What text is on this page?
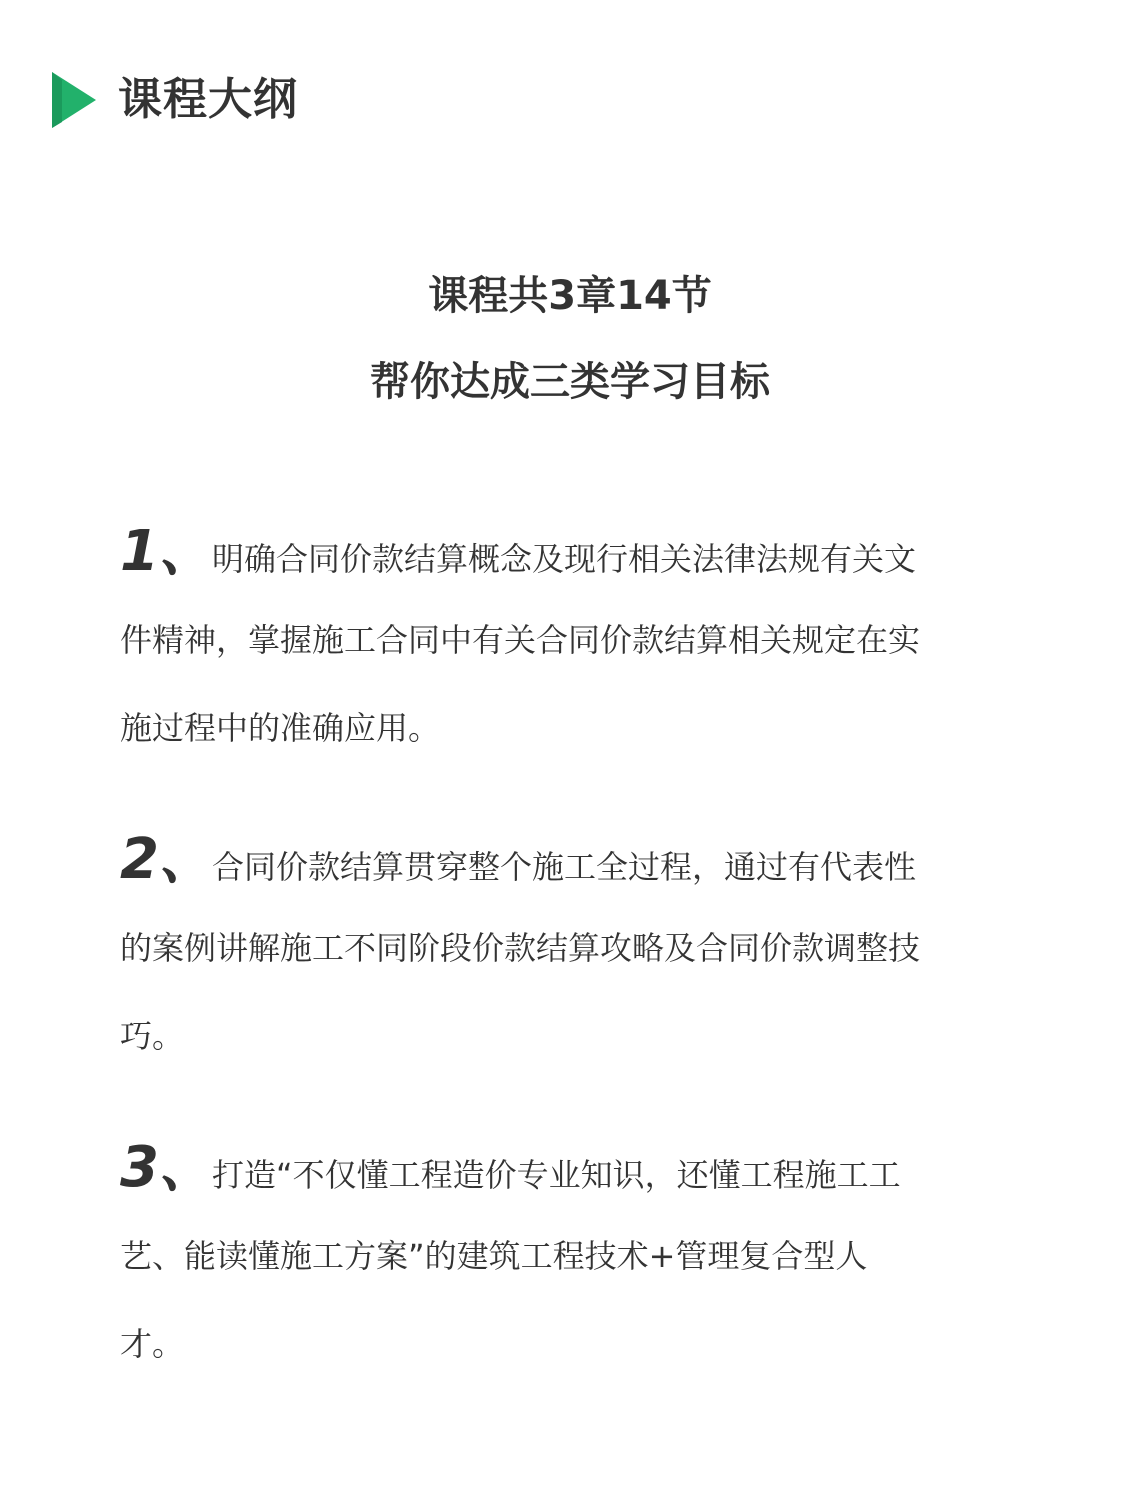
课程大纲
课程共3章14节
帮你达成三类学习目标
1、
明确合同价款结算概念及现行相关法律法规有关文
件精神，掌握施工合同中有关合同价款结算相关规定在实
施过程中的准确应用。
2、
合同价款结算贯穿整个施工全过程，通过有代表性
的案例讲解施工不同阶段价款结算攻略及合同价款调整技
巧。
3、
打造“不仅懂工程造价专业知识，还懂工程施工工
艺、能读懂施工方案”的建筑工程技术+管理复合型人
才。
